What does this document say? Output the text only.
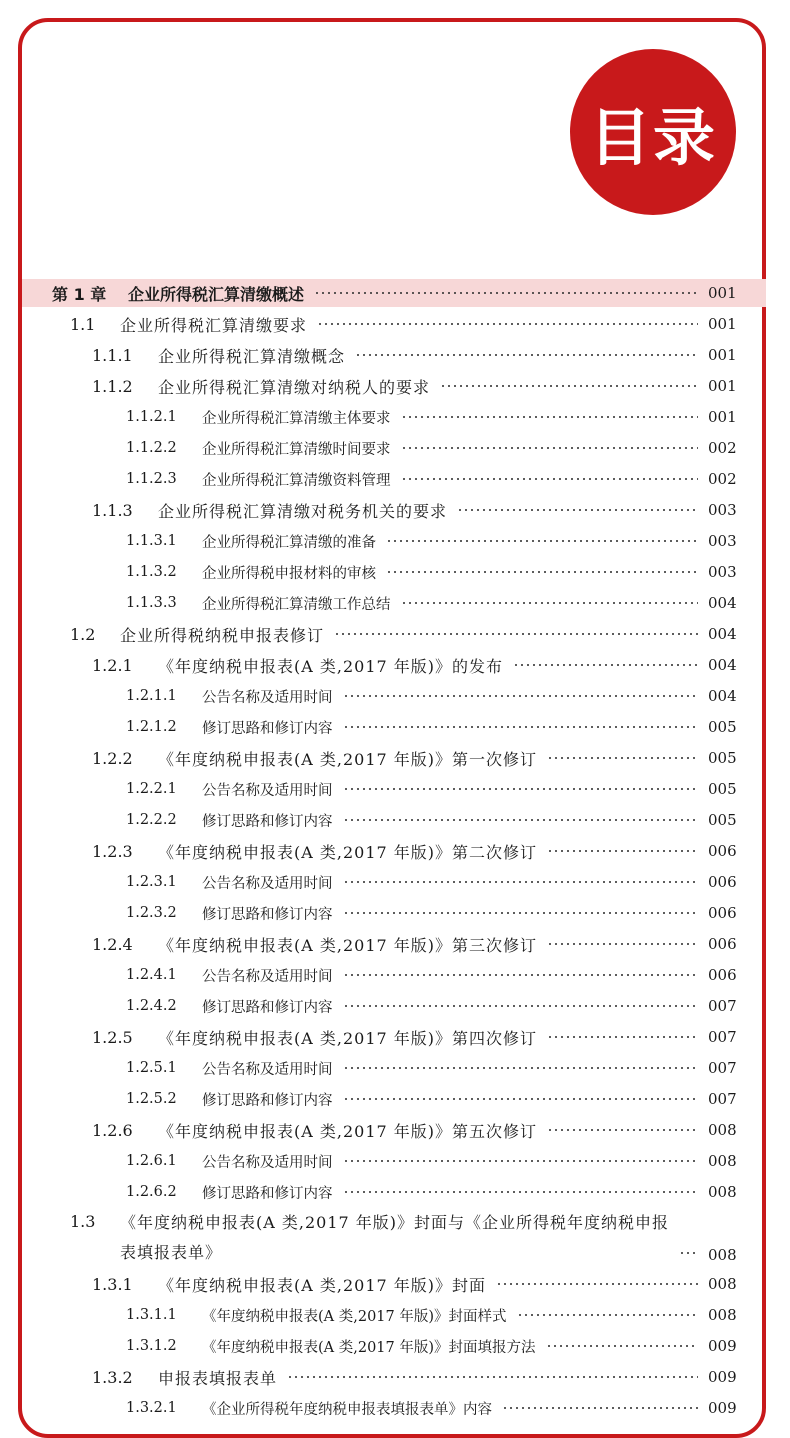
目录
第 1 章	企业所得税汇算清缴概述	001
1.1	企业所得税汇算清缴要求	001
1.1.1	企业所得税汇算清缴概念	001
1.1.2	企业所得税汇算清缴对纳税人的要求	001
1.1.2.1	企业所得税汇算清缴主体要求	001
1.1.2.2	企业所得税汇算清缴时间要求	002
1.1.2.3	企业所得税汇算清缴资料管理	002
1.1.3	企业所得税汇算清缴对税务机关的要求	003
1.1.3.1	企业所得税汇算清缴的准备	003
1.1.3.2	企业所得税申报材料的审核	003
1.1.3.3	企业所得税汇算清缴工作总结	004
1.2	企业所得税纳税申报表修订	004
1.2.1	《年度纳税申报表(A 类,2017 年版)》的发布	004
1.2.1.1	公告名称及适用时间	004
1.2.1.2	修订思路和修订内容	005
1.2.2	《年度纳税申报表(A 类,2017 年版)》第一次修订	005
1.2.2.1	公告名称及适用时间	005
1.2.2.2	修订思路和修订内容	005
1.2.3	《年度纳税申报表(A 类,2017 年版)》第二次修订	006
1.2.3.1	公告名称及适用时间	006
1.2.3.2	修订思路和修订内容	006
1.2.4	《年度纳税申报表(A 类,2017 年版)》第三次修订	006
1.2.4.1	公告名称及适用时间	006
1.2.4.2	修订思路和修订内容	007
1.2.5	《年度纳税申报表(A 类,2017 年版)》第四次修订	007
1.2.5.1	公告名称及适用时间	007
1.2.5.2	修订思路和修订内容	007
1.2.6	《年度纳税申报表(A 类,2017 年版)》第五次修订	008
1.2.6.1	公告名称及适用时间	008
1.2.6.2	修订思路和修订内容	008
1.3	《年度纳税申报表(A 类,2017 年版)》封面与《企业所得税年度纳税申报
表填报表单》	008
1.3.1	《年度纳税申报表(A 类,2017 年版)》封面	008
1.3.1.1	《年度纳税申报表(A 类,2017 年版)》封面样式	008
1.3.1.2	《年度纳税申报表(A 类,2017 年版)》封面填报方法	009
1.3.2	申报表填报表单	009
1.3.2.1	《企业所得税年度纳税申报表填报表单》内容	009
